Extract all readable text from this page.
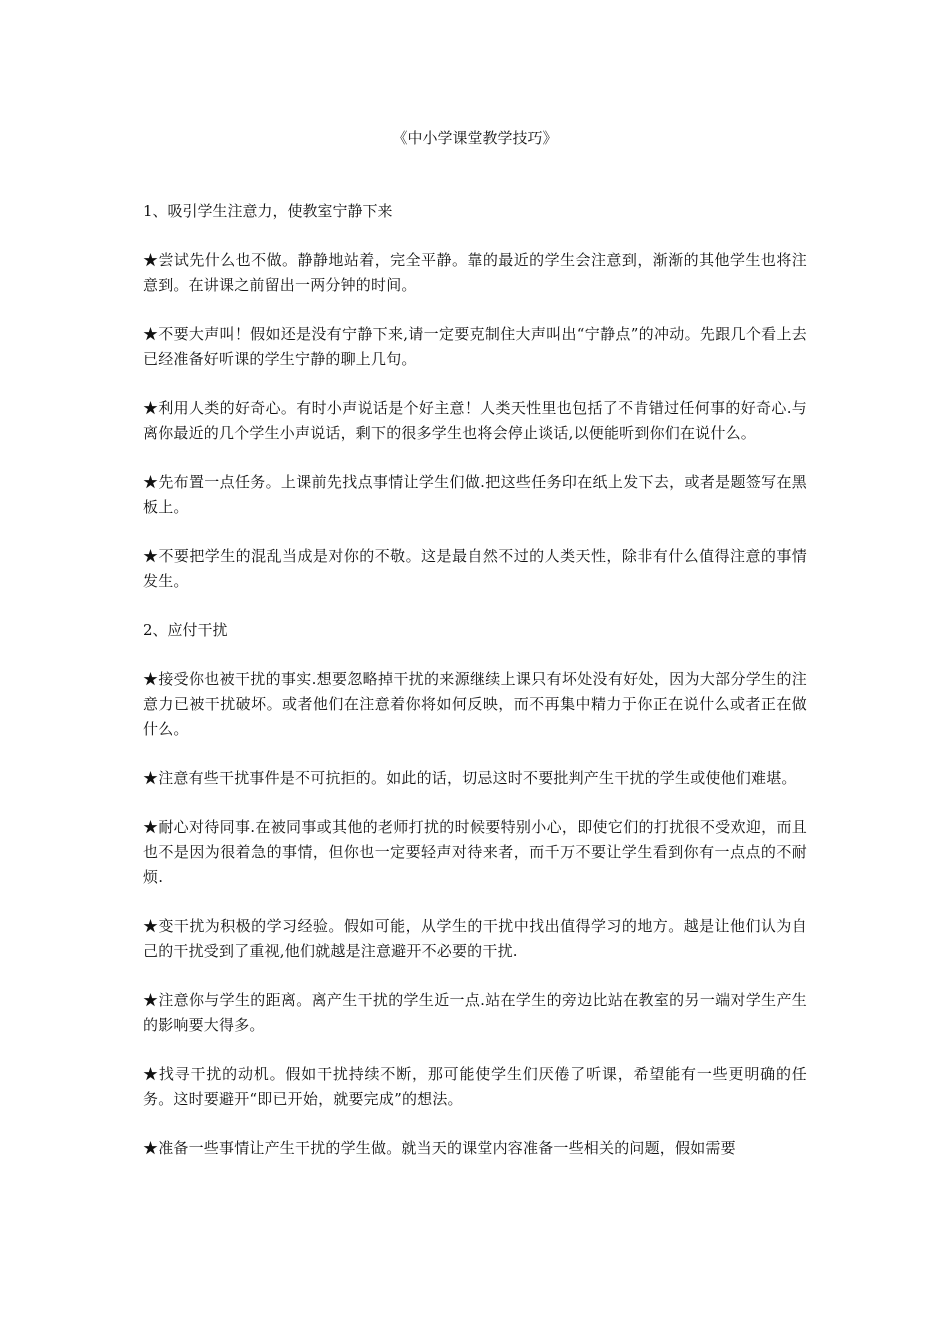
《中小学课堂教学技巧》

1、吸引学生注意力，使教室宁静下来

★尝试先什么也不做。静静地站着，完全平静。靠的最近的学生会注意到，渐渐的其他学生也将注意到。在讲课之前留出一两分钟的时间。

★不要大声叫！假如还是没有宁静下来,请一定要克制住大声叫出“宁静点”的冲动。先跟几个看上去已经准备好听课的学生宁静的聊上几句。

★利用人类的好奇心。有时小声说话是个好主意！人类天性里也包括了不肯错过任何事的好奇心.与离你最近的几个学生小声说话，剩下的很多学生也将会停止谈话,以便能听到你们在说什么。

★先布置一点任务。上课前先找点事情让学生们做.把这些任务印在纸上发下去，或者是题签写在黑板上。

★不要把学生的混乱当成是对你的不敬。这是最自然不过的人类天性，除非有什么值得注意的事情发生。

2、应付干扰

★接受你也被干扰的事实.想要忽略掉干扰的来源继续上课只有坏处没有好处，因为大部分学生的注意力已被干扰破坏。或者他们在注意着你将如何反映，而不再集中精力于你正在说什么或者正在做什么。

★注意有些干扰事件是不可抗拒的。如此的话，切忌这时不要批判产生干扰的学生或使他们难堪。

★耐心对待同事.在被同事或其他的老师打扰的时候要特别小心，即使它们的打扰很不受欢迎，而且也不是因为很着急的事情，但你也一定要轻声对待来者，而千万不要让学生看到你有一点点的不耐烦.

★变干扰为积极的学习经验。假如可能，从学生的干扰中找出值得学习的地方。越是让他们认为自己的干扰受到了重视,他们就越是注意避开不必要的干扰.

★注意你与学生的距离。离产生干扰的学生近一点.站在学生的旁边比站在教室的另一端对学生产生的影响要大得多。

★找寻干扰的动机。假如干扰持续不断，那可能使学生们厌倦了听课，希望能有一些更明确的任务。这时要避开“即已开始，就要完成”的想法。

★准备一些事情让产生干扰的学生做。就当天的课堂内容准备一些相关的问题，假如需要
